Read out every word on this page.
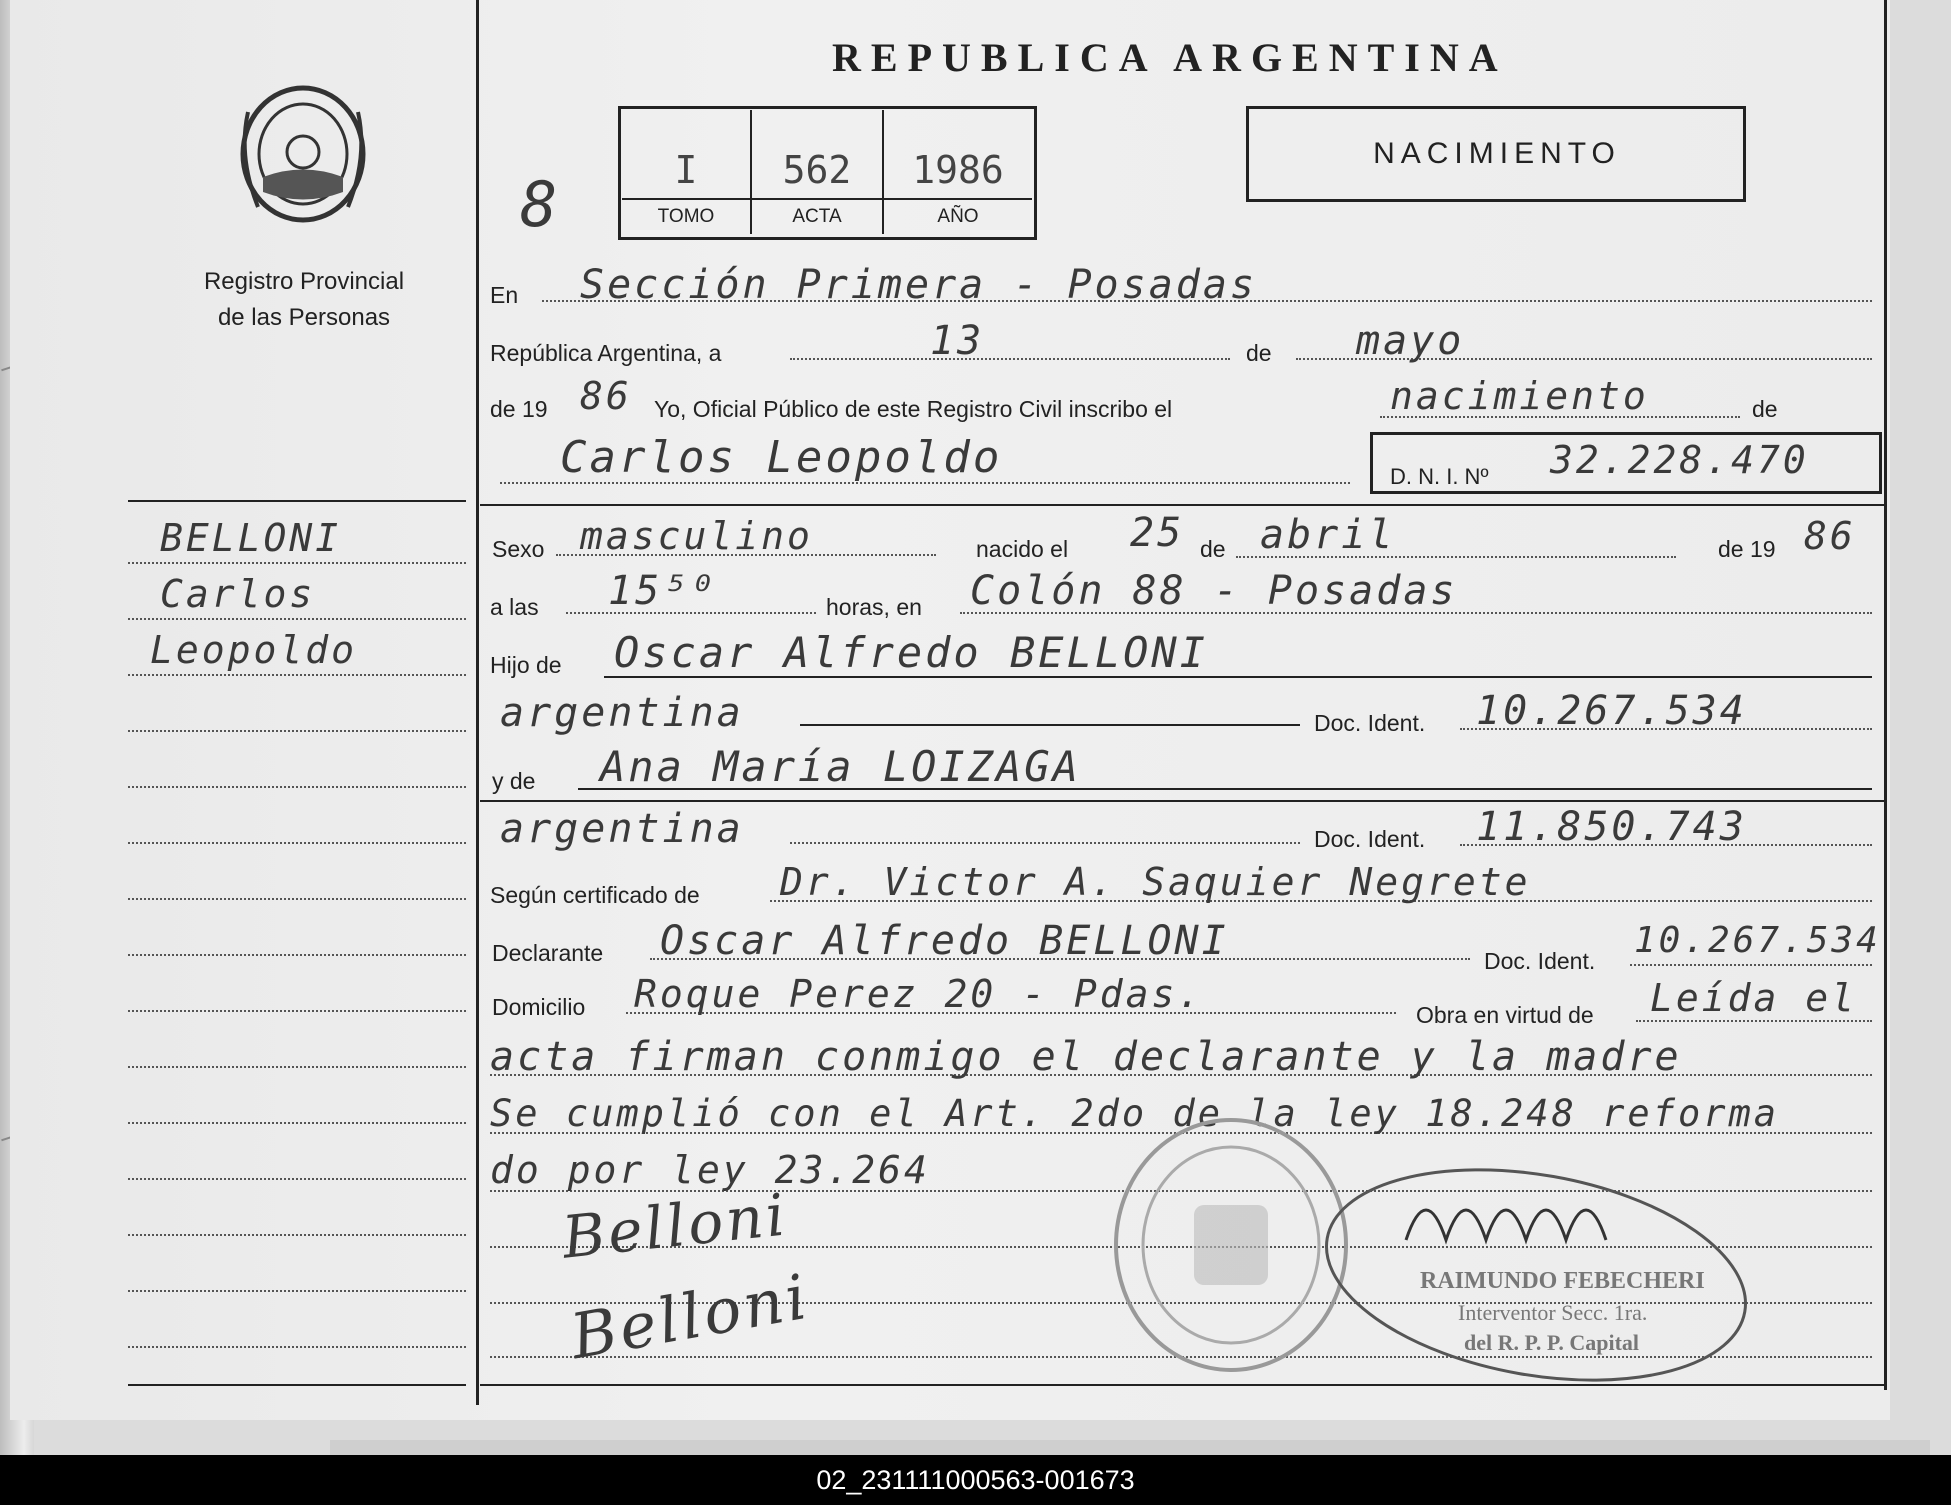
Registro Provincial
de las Personas
REPUBLICA ARGENTINA
I	562	1986
TOMO	ACTA	AÑO
NACIMIENTO
8
BELLONI
Carlos
Leopoldo
En Sección Primera - Posadas
República Argentina, a	13	de mayo
de 19 86 Yo, Oficial Público de este Registro Civil inscribo el	nacimiento	de
Carlos Leopoldo	D. N. I. Nº 32.228.470
Sexo masculino	nacido el 25 de abril	de 19 86
a las 15⁵⁰	horas, en Colón 88 - Posadas
Hijo de Oscar Alfredo BELLONI
argentina	Doc. Ident. 10.267.534
y de Ana María LOIZAGA
argentina	Doc. Ident. 11.850.743
Según certificado de Dr. Victor A. Saquier Negrete
Declarante Oscar Alfredo BELLONI	Doc. Ident. 10.267.534
Domicilio Roque Perez 20 - Pdas.	Obra en virtud de Leída el
acta firman conmigo el declarante y la madre
Se cumplió con el Art. 2do de la ley 18.248 reforma
do por ley 23.264
Belloni
Belloni	RAIMUNDO FEBECHERI
Interventor Secc. 1ra.
del R. P. P. Capital
02_231111000563-001673
